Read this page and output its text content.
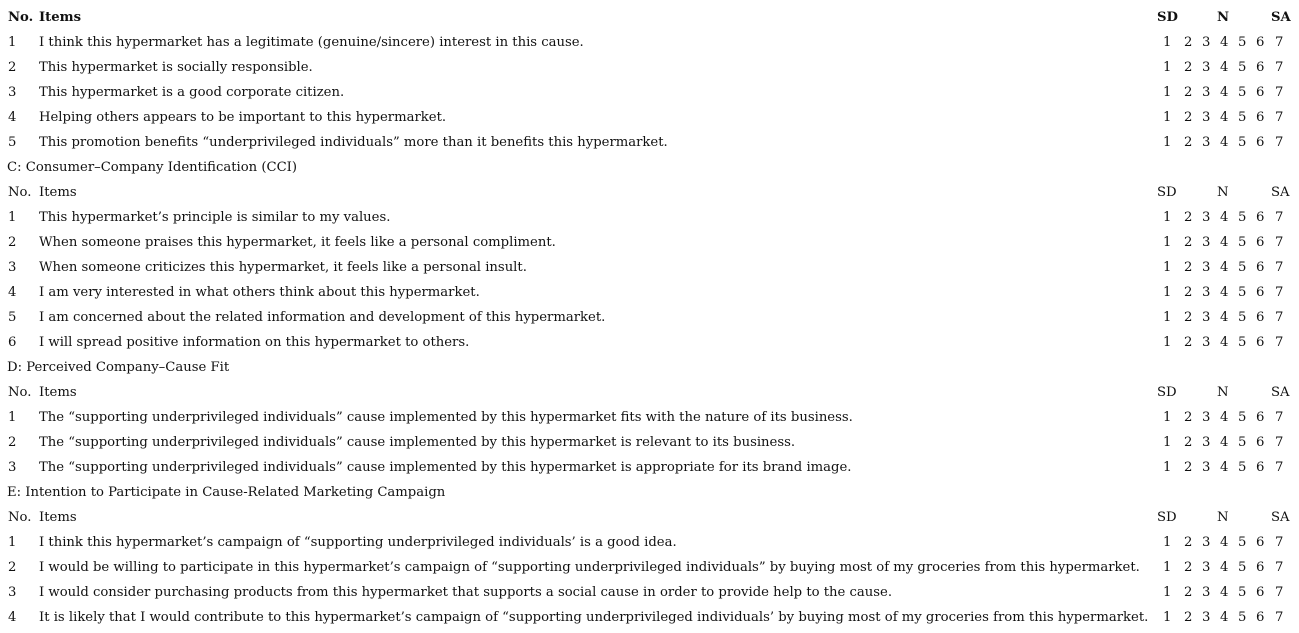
No. Items	SD	N	SA
1 I think this hypermarket has a legitimate (genuine/sincere) interest in this cause.	1 2 3 4 5 6 7
2 This hypermarket is socially responsible.	1 2 3 4 5 6 7
3 This hypermarket is a good corporate citizen.	1 2 3 4 5 6 7
4 Helping others appears to be important to this hypermarket.	1 2 3 4 5 6 7
5 This promotion benefits “underprivileged individuals” more than it benefits this hypermarket.	1 2 3 4 5 6 7
C: Consumer–Company Identification (CCI)
No. Items	SD	N	SA
1 This hypermarket’s principle is similar to my values.	1 2 3 4 5 6 7
2 When someone praises this hypermarket, it feels like a personal compliment.	1 2 3 4 5 6 7
3 When someone criticizes this hypermarket, it feels like a personal insult.	1 2 3 4 5 6 7
4 I am very interested in what others think about this hypermarket.	1 2 3 4 5 6 7
5 I am concerned about the related information and development of this hypermarket.	1 2 3 4 5 6 7
6 I will spread positive information on this hypermarket to others.	1 2 3 4 5 6 7
D: Perceived Company–Cause Fit
No. Items	SD	N	SA
1 The “supporting underprivileged individuals” cause implemented by this hypermarket fits with the nature of its business.	1 2 3 4 5 6 7
2 The “supporting underprivileged individuals” cause implemented by this hypermarket is relevant to its business.	1 2 3 4 5 6 7
3 The “supporting underprivileged individuals” cause implemented by this hypermarket is appropriate for its brand image.	1 2 3 4 5 6 7
E: Intention to Participate in Cause-Related Marketing Campaign
No. Items	SD	N	SA
1 I think this hypermarket’s campaign of “supporting underprivileged individuals’ is a good idea.	1 2 3 4 5 6 7
2 I would be willing to participate in this hypermarket’s campaign of “supporting underprivileged individuals” by buying most of my groceries from this hypermarket. 1 2 3 4 5 6 7
3 I would consider purchasing products from this hypermarket that supports a social cause in order to provide help to the cause.	1 2 3 4 5 6 7
4 It is likely that I would contribute to this hypermarket’s campaign of “supporting underprivileged individuals’ by buying most of my groceries from this hypermarket. 1 2 3 4 5 6 7
